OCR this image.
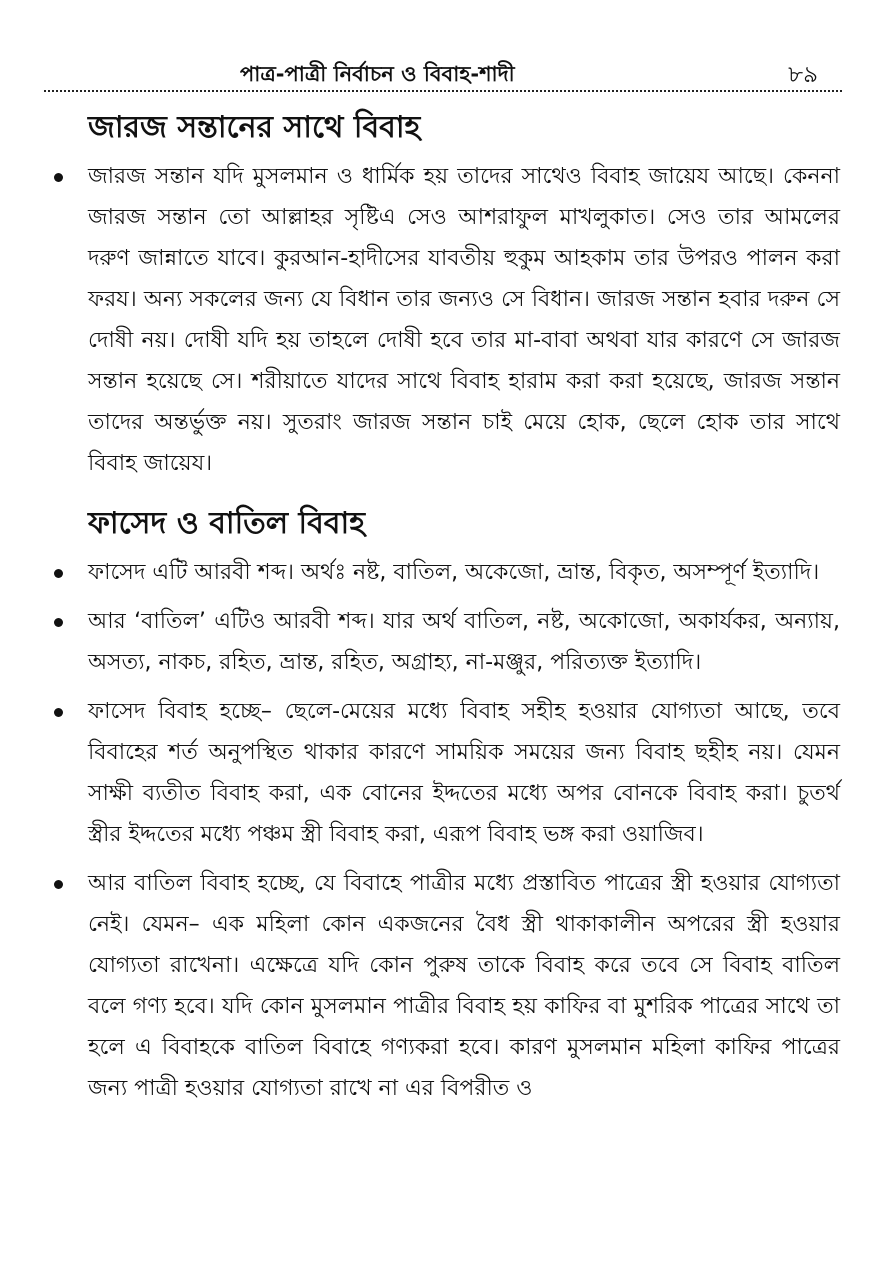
পাত্র-পাত্রী নির্বাচন ও বিবাহ-শাদী	৮৯
জারজ সন্তানের সাথে বিবাহ
জারজ সন্তান যদি মুসলমান ও ধার্মিক হয় তাদের সাথেও বিবাহ জায়েয আছে। কেননা জারজ সন্তান তো আল্লাহর সৃষ্টিএ সেও আশরাফুল মাখলুকাত। সেও তার আমলের দরুণ জান্নাতে যাবে। কুরআন-হাদীসের যাবতীয় হুকুম আহকাম তার উপরও পালন করা ফরয। অন্য সকলের জন্য যে বিধান তার জন্যও সে বিধান। জারজ সন্তান হবার দরুন সে দোষী নয়। দোষী যদি হয় তাহলে দোষী হবে তার মা-বাবা অথবা যার কারণে সে জারজ সন্তান হয়েছে সে। শরীয়াতে যাদের সাথে বিবাহ হারাম করা করা হয়েছে, জারজ সন্তান তাদের অন্তর্ভুক্ত নয়। সুতরাং জারজ সন্তান চাই মেয়ে হোক, ছেলে হোক তার সাথে বিবাহ জায়েয।
ফাসেদ ও বাতিল বিবাহ
ফাসেদ এটি আরবী শব্দ। অর্থঃ নষ্ট, বাতিল, অকেজো, ভ্রান্ত, বিকৃত, অসম্পূর্ণ ইত্যাদি।
আর ‘বাতিল’ এটিও আরবী শব্দ। যার অর্থ বাতিল, নষ্ট, অকোজো, অকার্যকর, অন্যায়, অসত্য, নাকচ, রহিত, ভ্রান্ত, রহিত, অগ্রাহ্য, না-মঞ্জুর, পরিত্যক্ত ইত্যাদি।
ফাসেদ বিবাহ হচ্ছে– ছেলে-মেয়ের মধ্যে বিবাহ সহীহ হওয়ার যোগ্যতা আছে, তবে বিবাহের শর্ত অনুপস্থিত থাকার কারণে সাময়িক সময়ের জন্য বিবাহ ছহীহ নয়। যেমন সাক্ষী ব্যতীত বিবাহ করা, এক বোনের ইদ্দতের মধ্যে অপর বোনকে বিবাহ করা। চুতর্থ স্ত্রীর ইদ্দতের মধ্যে পঞ্চম স্ত্রী বিবাহ করা, এরূপ বিবাহ ভঙ্গ করা ওয়াজিব।
আর বাতিল বিবাহ হচ্ছে, যে বিবাহে পাত্রীর মধ্যে প্রস্তাবিত পাত্রের স্ত্রী হওয়ার যোগ্যতা নেই। যেমন– এক মহিলা কোন একজনের বৈধ স্ত্রী থাকাকালীন অপরের স্ত্রী হওয়ার যোগ্যতা রাখেনা। এক্ষেত্রে যদি কোন পুরুষ তাকে বিবাহ করে তবে সে বিবাহ বাতিল বলে গণ্য হবে। যদি কোন মুসলমান পাত্রীর বিবাহ হয় কাফির বা মুশরিক পাত্রের সাথে তা হলে এ বিবাহকে বাতিল বিবাহে গণ্যকরা হবে। কারণ মুসলমান মহিলা কাফির পাত্রের জন্য পাত্রী হওয়ার যোগ্যতা রাখে না এর বিপরীত ও
